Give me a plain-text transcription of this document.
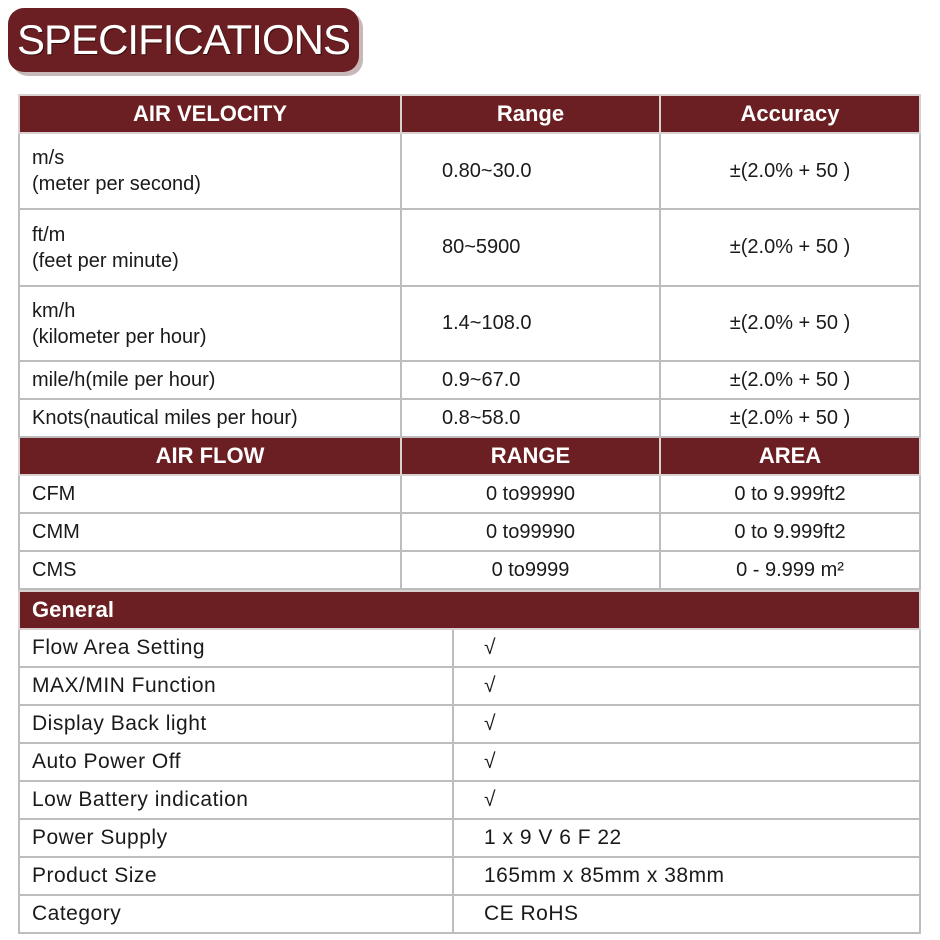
SPECIFICATIONS
AIR VELOCITY	Range	Accuracy

m/s
(meter per second)	0.80~30.0	±(2.0% + 50 )

ft/m
(feet per minute)	80~5900	±(2.0% + 50 )

km/h
(kilometer per hour)	1.4~108.0	±(2.0% + 50 )
mile/h(mile per hour)	0.9~67.0	±(2.0% + 50 )
Knots(nautical miles per hour)	0.8~58.0	±(2.0% + 50 )
AIR FLOW	RANGE	AREA
CFM	0 to99990	0 to 9.999ft2
CMM	0 to99990	0 to 9.999ft2
CMS	0 to9999	0 - 9.999 m²
General	
Flow Area Setting	√
MAX/MIN Function	√
Display Back light	√
Auto Power Off	√
Low Battery indication	√
Power Supply	1 x 9 V 6 F 22
Product Size	165mm x 85mm x 38mm
Category	CE RoHS
